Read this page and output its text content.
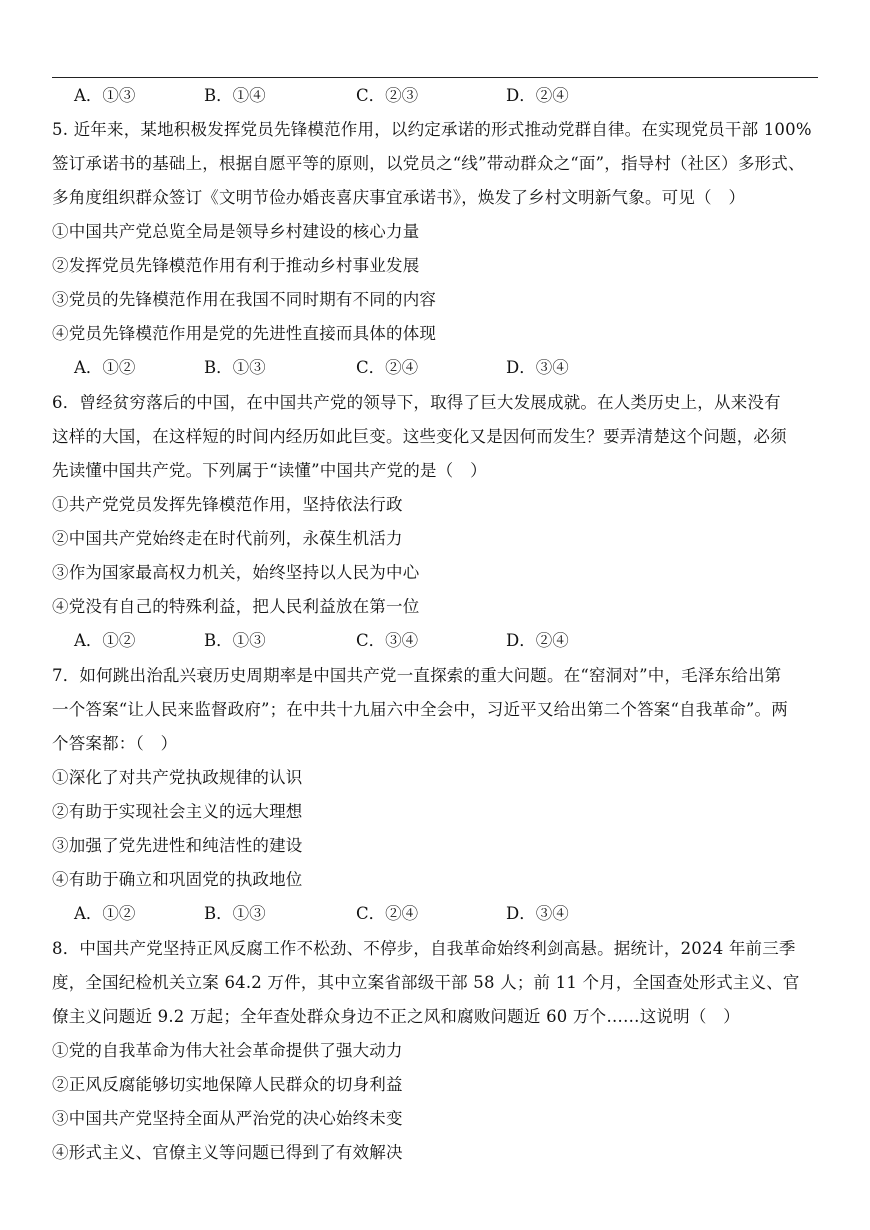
A．①③	B．①④	C．②③	D．②④
5. 近年来，某地积极发挥党员先锋模范作用，以约定承诺的形式推动党群自律。在实现党员干部 100%
签订承诺书的基础上，根据自愿平等的原则，以党员之“线”带动群众之“面”，指导村（社区）多形式、
多角度组织群众签订《文明节俭办婚丧喜庆事宜承诺书》，焕发了乡村文明新气象。可见（　）
①中国共产党总览全局是领导乡村建设的核心力量
②发挥党员先锋模范作用有利于推动乡村事业发展
③党员的先锋模范作用在我国不同时期有不同的内容
④党员先锋模范作用是党的先进性直接而具体的体现
A．①②	B．①③	C．②④	D．③④
6．曾经贫穷落后的中国，在中国共产党的领导下，取得了巨大发展成就。在人类历史上，从来没有
这样的大国，在这样短的时间内经历如此巨变。这些变化又是因何而发生？要弄清楚这个问题，必须
先读懂中国共产党。下列属于“读懂”中国共产党的是（　）
①共产党党员发挥先锋模范作用，坚持依法行政
②中国共产党始终走在时代前列，永葆生机活力
③作为国家最高权力机关，始终坚持以人民为中心
④党没有自己的特殊利益，把人民利益放在第一位
A．①②	B．①③	C．③④	D．②④
7．如何跳出治乱兴衰历史周期率是中国共产党一直探索的重大问题。在“窑洞对”中，毛泽东给出第
一个答案“让人民来监督政府”；在中共十九届六中全会中，习近平又给出第二个答案“自我革命”。两
个答案都：（　）
①深化了对共产党执政规律的认识
②有助于实现社会主义的远大理想
③加强了党先进性和纯洁性的建设
④有助于确立和巩固党的执政地位
A．①②	B．①③	C．②④	D．③④
8．中国共产党坚持正风反腐工作不松劲、不停步，自我革命始终利剑高悬。据统计，2024 年前三季
度，全国纪检机关立案 64.2 万件，其中立案省部级干部 58 人；前 11 个月，全国查处形式主义、官
僚主义问题近 9.2 万起；全年查处群众身边不正之风和腐败问题近 60 万个……这说明（　）
①党的自我革命为伟大社会革命提供了强大动力
②正风反腐能够切实地保障人民群众的切身利益
③中国共产党坚持全面从严治党的决心始终未变
④形式主义、官僚主义等问题已得到了有效解决
